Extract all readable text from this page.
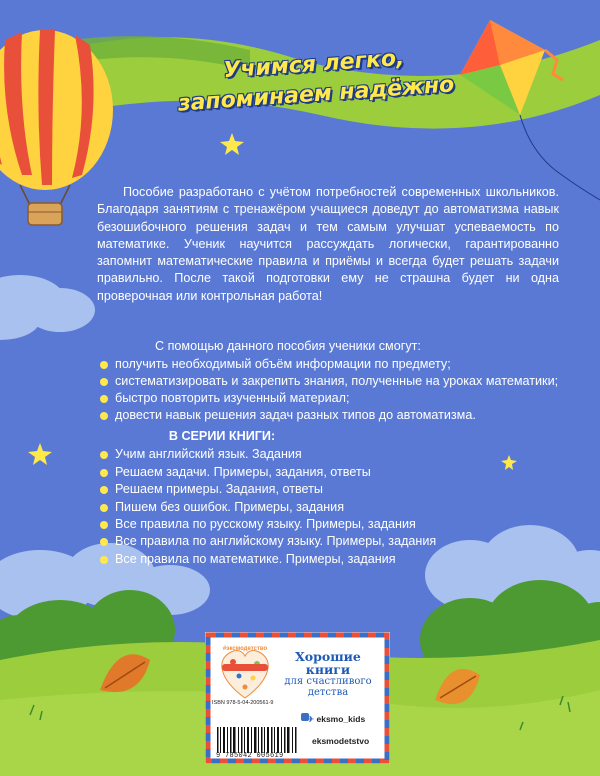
Учимся легко,
запоминаем надёжно
Пособие разработано с учётом потребностей современных школьников. Благодаря занятиям с тренажёром учащиеся доведут до автоматизма навык безошибочного решения задач и тем самым улучшат успеваемость по математике. Ученик научится рассуждать логически, гарантированно запомнит математические правила и приёмы и всегда будет решать задачи правильно. После такой подготовки ему не страшна будет ни одна проверочная или контрольная работа!
С помощью данного пособия ученики смогут:
получить необходимый объём информации по предмету;
систематизировать и закрепить знания, полученные на уроках математики;
быстро повторить изученный материал;
довести навык решения задач разных типов до автоматизма.
В СЕРИИ КНИГИ:
Учим английский язык. Задания
Решаем задачи. Примеры, задания, ответы
Решаем примеры. Задания, ответы
Пишем без ошибок. Примеры, задания
Все правила по русскому языку. Примеры, задания
Все правила по английскому языку. Примеры, задания
Все правила по математике. Примеры, задания
#эксмодетство	Хорошие книги
для счастливого
детства
ISBN 978-5-04-200561-9
✈ eksmo_kids
eksmodetstvo
9 785042 005619
